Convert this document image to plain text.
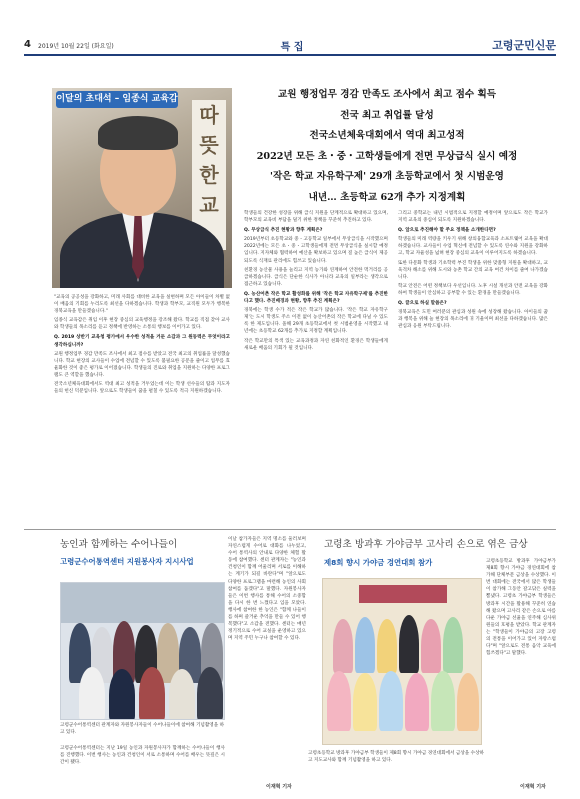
4 2019년 10월 22일 (화요일)	특 집	고령군민신문
따뜻한교
이달의 초대석 – 임종식 교육감	교원 행정업무 경감 만족도 조사에서 최고 점수 획득
전국 최고 취업률 달성
전국소년체육대회에서 역대 최고성적
2022년 모든 초・중・고학생들에게 전면 무상급식 실시 예정
'작은 학교 자유학구제' 29개 초등학교에서 첫 시범운영
내년… 초등학교 62개 추가 지정계획

"교육의 공공성을 강화하고, 미래 사회를 대비한 교육을 실현하며 모든 아이들이 차별 없이 배움의 기회를 누리도록 최선을 다하겠습니다. 학생과 학부모, 교직원 모두가 행복한 경북교육을 만들겠습니다."

임종식 교육감은 취임 이후 현장 중심의 교육행정을 강조해 왔다. 학교를 직접 찾아 교사와 학생들의 목소리를 듣고 정책에 반영하는 소통의 행보를 이어가고 있다.

Q. 2019 상반기 교육청 평가에서 우수한 성적을 거둔 소감과 그 원동력은 무엇이라고 생각하십니까?

교원 행정업무 경감 만족도 조사에서 최고 점수를 받았고 전국 최고의 취업률을 달성했습니다. 학교 현장의 교사들이 수업에 전념할 수 있도록 불필요한 공문을 줄이고 업무를 효율화한 것이 좋은 평가로 이어졌습니다. 학생들의 진로와 취업을 지원하는 다양한 프로그램도 큰 역할을 했습니다.

전국소년체육대회에서도 역대 최고 성적을 거두었는데 이는 학생 선수들의 땀과 지도자들의 헌신 덕분입니다. 앞으로도 학생들이 꿈을 펼칠 수 있도록 적극 지원하겠습니다.

학생들의 건강한 성장을 위해 급식 지원을 단계적으로 확대하고 있으며, 학부모의 교육비 부담을 덜기 위한 정책을 꾸준히 추진하고 있다.

Q. 무상급식 추진 현황과 향후 계획은?

2019년부터 초등학교와 중・고등학교 일부에서 무상급식을 시작했으며 2022년에는 모든 초・중・고학생들에게 전면 무상급식을 실시할 예정입니다. 지자체와 협력하여 예산을 확보하고 있으며 질 높은 급식이 제공되도록 식재료 관리에도 힘쓰고 있습니다.

친환경 농산물 사용을 늘리고 지역 농가와 연계하여 안전한 먹거리를 공급하겠습니다. 급식은 단순한 식사가 아니라 교육의 일부라는 생각으로 접근하고 있습니다.

Q. 농산어촌 작은 학교 활성화를 위해 '작은 학교 자유학구제'를 추진한다고 했다. 추진배경과 현황, 향후 추진 계획은?

경북에는 학생 수가 적은 작은 학교가 많습니다. '작은 학교 자유학구제'는 도시 학생도 주소 이전 없이 농산어촌의 작은 학교에 다닐 수 있도록 한 제도입니다. 올해 29개 초등학교에서 첫 시범운영을 시작했고 내년에는 초등학교 62개를 추가로 지정할 계획입니다.

작은 학교만의 특색 있는 교육과정과 자연 친화적인 환경은 학생들에게 새로운 배움의 기회가 될 것입니다.

그리고 중학교는 내년 시범적으로 지정할 예정이며 앞으로도 작은 학교가 지역 교육의 중심이 되도록 지원하겠습니다.

Q. 앞으로 추진해야 할 주요 정책을 소개한다면?

학생들의 미래 역량을 키우기 위해 창의융합교육과 소프트웨어 교육을 확대하겠습니다. 교사들이 수업 혁신에 전념할 수 있도록 연수와 지원을 강화하고, 학교 자율성을 넓혀 현장 중심의 교육이 이루어지도록 하겠습니다.

또한 다문화 학생과 기초학력 부진 학생을 위한 맞춤형 지원을 확대하고, 교육격차 해소를 위해 도시와 농촌 학교 간의 교육 여건 차이를 줄여 나가겠습니다.

학교 안전은 어떤 정책보다 우선입니다. 노후 시설 개선과 안전 교육을 강화하여 학생들이 안심하고 공부할 수 있는 환경을 만들겠습니다.

Q. 끝으로 하실 말씀은?

경북교육은 도민 여러분의 관심과 성원 속에 성장해 왔습니다. 아이들의 꿈과 행복을 위해 늘 현장의 목소리에 귀 기울이며 최선을 다하겠습니다. 많은 관심과 응원 부탁드립니다.

농인과 함께하는 수어나들이
고령군수어통역센터 지원봉사자 지시사업
고령군수어통역센터 관계자와 자원봉사자들이 수어나들이에 참여해 기념촬영을 하고 있다.
고령군수어통역센터는 지난 19일 농인과 자원봉사자가 함께하는 수어나들이 행사를 진행했다. 이번 행사는 농인과 건청인이 서로 소통하며 수어를 배우는 뜻깊은 시간이 됐다.
이날 참가자들은 지역 명소를 둘러보며 자연스럽게 수어로 대화를 나누었고, 수어 통역사의 안내로 다양한 체험 활동에 참여했다. 센터 관계자는 "농인과 건청인이 함께 어울리며 서로를 이해하는 계기가 되길 바란다"며 "앞으로도 다양한 프로그램을 마련해 농인의 사회 참여를 돕겠다"고 말했다. 자원봉사자들은 이번 행사를 통해 수어의 소중함을 다시 한 번 느꼈다고 입을 모았다. 행사에 참여한 한 농인은 "함께 나들이를 하며 즐거운 추억을 만들 수 있어 행복했다"고 소감을 전했다. 센터는 매년 정기적으로 수어 교실을 운영하고 있으며 지역 주민 누구나 참여할 수 있다.
이재혁 기자
고령초 방과후 가야금부 고사리 손으로 엮은 금상
제8회 향시 가야금 경연대회 참가
고령초등학교 방과후 가야금부 학생들이 제8회 향시 가야금 경연대회에서 금상을 수상하고 지도교사와 함께 기념촬영을 하고 있다.
고령초등학교 방과후 가야금부가 제8회 향시 가야금 경연대회에 참가해 단체부문 금상을 수상했다. 이번 대회에는 전국에서 많은 학생들이 참가해 그동안 갈고닦은 실력을 뽐냈다. 고령초 가야금부 학생들은 방과후 시간을 활용해 꾸준히 연습해 왔으며 고사리 같은 손으로 아름다운 가야금 선율을 연주해 심사위원들의 호평을 받았다. 학교 관계자는 "학생들이 가야금의 고장 고령의 전통을 이어가고 있어 자랑스럽다"며 "앞으로도 전통 음악 교육에 힘쓰겠다"고 말했다.
이재혁 기자
